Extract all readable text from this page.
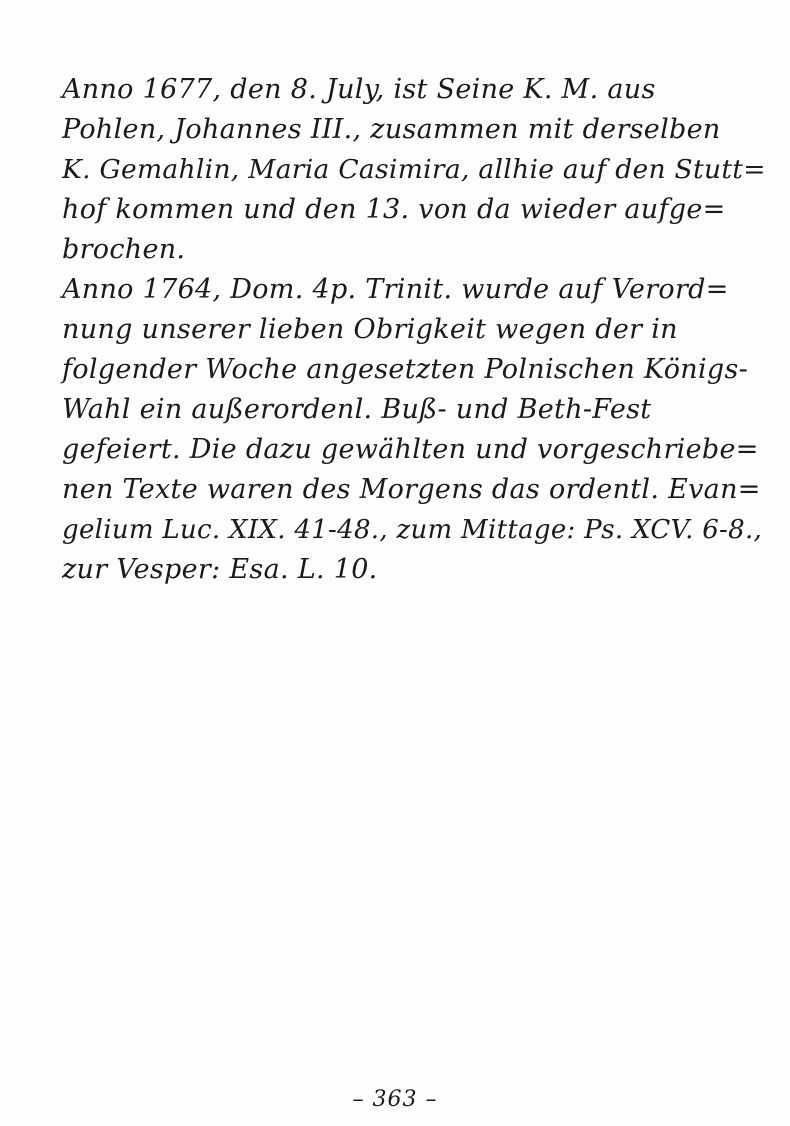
Anno 1677, den 8. July, ist Seine K. M. aus
Pohlen, Johannes III., zusammen mit derselben
K. Gemahlin, Maria Casimira, allhie auf den Stutt=
hof kommen und den 13. von da wieder aufge=
brochen.
Anno 1764, Dom. 4p. Trinit. wurde auf Verord=
nung unserer lieben Obrigkeit wegen der in
folgender Woche angesetzten Polnischen Königs-
Wahl ein außerordenl. Buß- und Beth-Fest
gefeiert. Die dazu gewählten und vorgeschriebe=
nen Texte waren des Morgens das ordentl. Evan=
gelium Luc. XIX. 41-48., zum Mittage: Ps. XCV. 6-8.,
zur Vesper: Esa. L. 10.
– 363 –
